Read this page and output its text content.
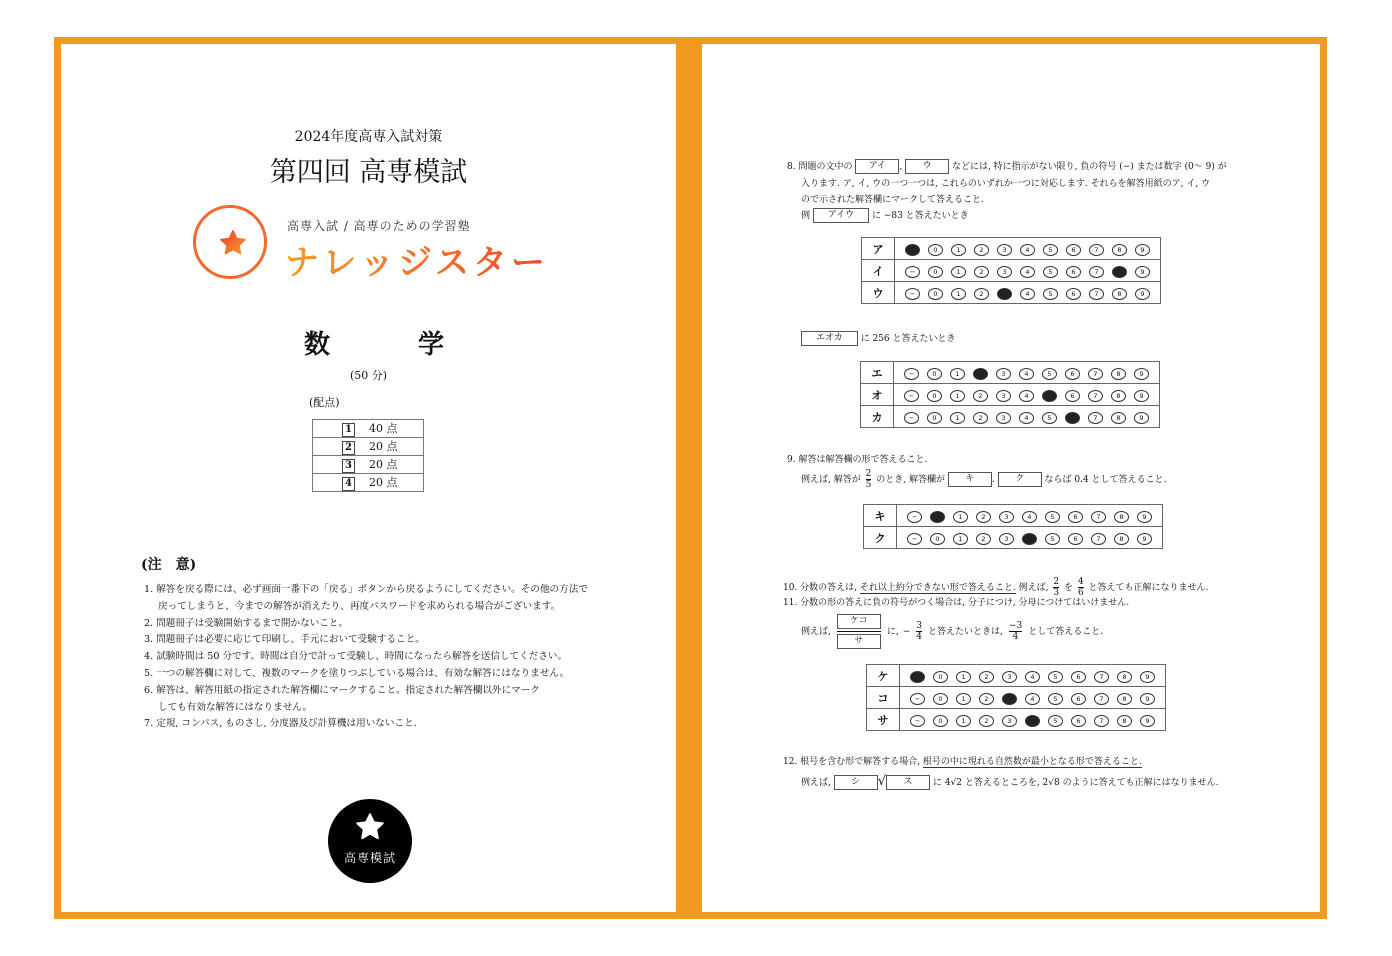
2024年度高専入試対策
第四回 高専模試
高専入試 / 高専のための学習塾
ナレッジスター
数	学
(50 分)
(配点)
1 40 点
2 20 点
3 20 点
4 20 点
(注　意)
1. 解答を戻る際には、必ず画面一番下の「戻る」ボタンから戻るようにしてください。その他の方法で
戻ってしまうと、今までの解答が消えたり、再度パスワードを求められる場合がございます。
2. 問題冊子は受験開始するまで開かないこと。
3. 問題冊子は必要に応じて印刷し、手元において受験すること。
4. 試験時間は 50 分です。時間は自分で計って受験し、時間になったら解答を送信してください。
5. 一つの解答欄に対して、複数のマークを塗りつぶしている場合は、有効な解答にはなりません。
6. 解答は、解答用紙の指定された解答欄にマークすること。指定された解答欄以外にマーク
しても有効な解答にはなりません。
7. 定規, コンパス, ものさし, 分度器及び計算機は用いないこと.
高専模試
8. 問題の文中の アイ , ウ などには, 特に指示がない限り, 負の符号 (−) または数字 (0〜 9) が
入ります. ア, イ, ウの一つ一つは, これらのいずれか一つに対応します. それらを解答用紙のア, イ, ウ
ので示された解答欄にマークして答えること.
例 アイウ に −83 と答えたいとき
ア	− 0 1 2 3 4 5 6 7 8 9
イ	− 0 1 2 3 4 5 6 7 8 9
ウ	− 0 1 2 3 4 5 6 7 8 9
エオカ に 256 と答えたいとき
エ	− 0 1 2 3 4 5 6 7 8 9
オ	− 0 1 2 3 4 5 6 7 8 9
カ	− 0 1 2 3 4 5 6 7 8 9
9. 解答は解答欄の形で答えること.
例えば, 解答が $\frac{2}{5}$ のとき, 解答欄が キ . ク ならば 0.4 として答えること.
キ	− 0 1 2 3 4 5 6 7 8 9
ク	− 0 1 2 3 4 5 6 7 8 9
10. 分数の答えは, それ以上約分できない形で答えること. 例えば, $\frac{2}{3}$ を $\frac{4}{6}$ と答えても正解になりません.
11. 分数の形の答えに負の符号がつく場合は, 分子につけ, 分母につけてはいけません.
例えば, $\frac{\text{ケコ}}{\text{サ}}$ に, − $\frac{3}{4}$ と答えたいときは, $\frac{-3}{4}$ として答えること.
ケ	− 0 1 2 3 4 5 6 7 8 9
コ	− 0 1 2 3 4 5 6 7 8 9
サ	− 0 1 2 3 4 5 6 7 8 9
12. 根号を含む形で解答する場合, 根号の中に現れる自然数が最小となる形で答えること.
例えば, シ √ ス に 4√2 と答えるところを, 2√8 のように答えても正解にはなりません.
